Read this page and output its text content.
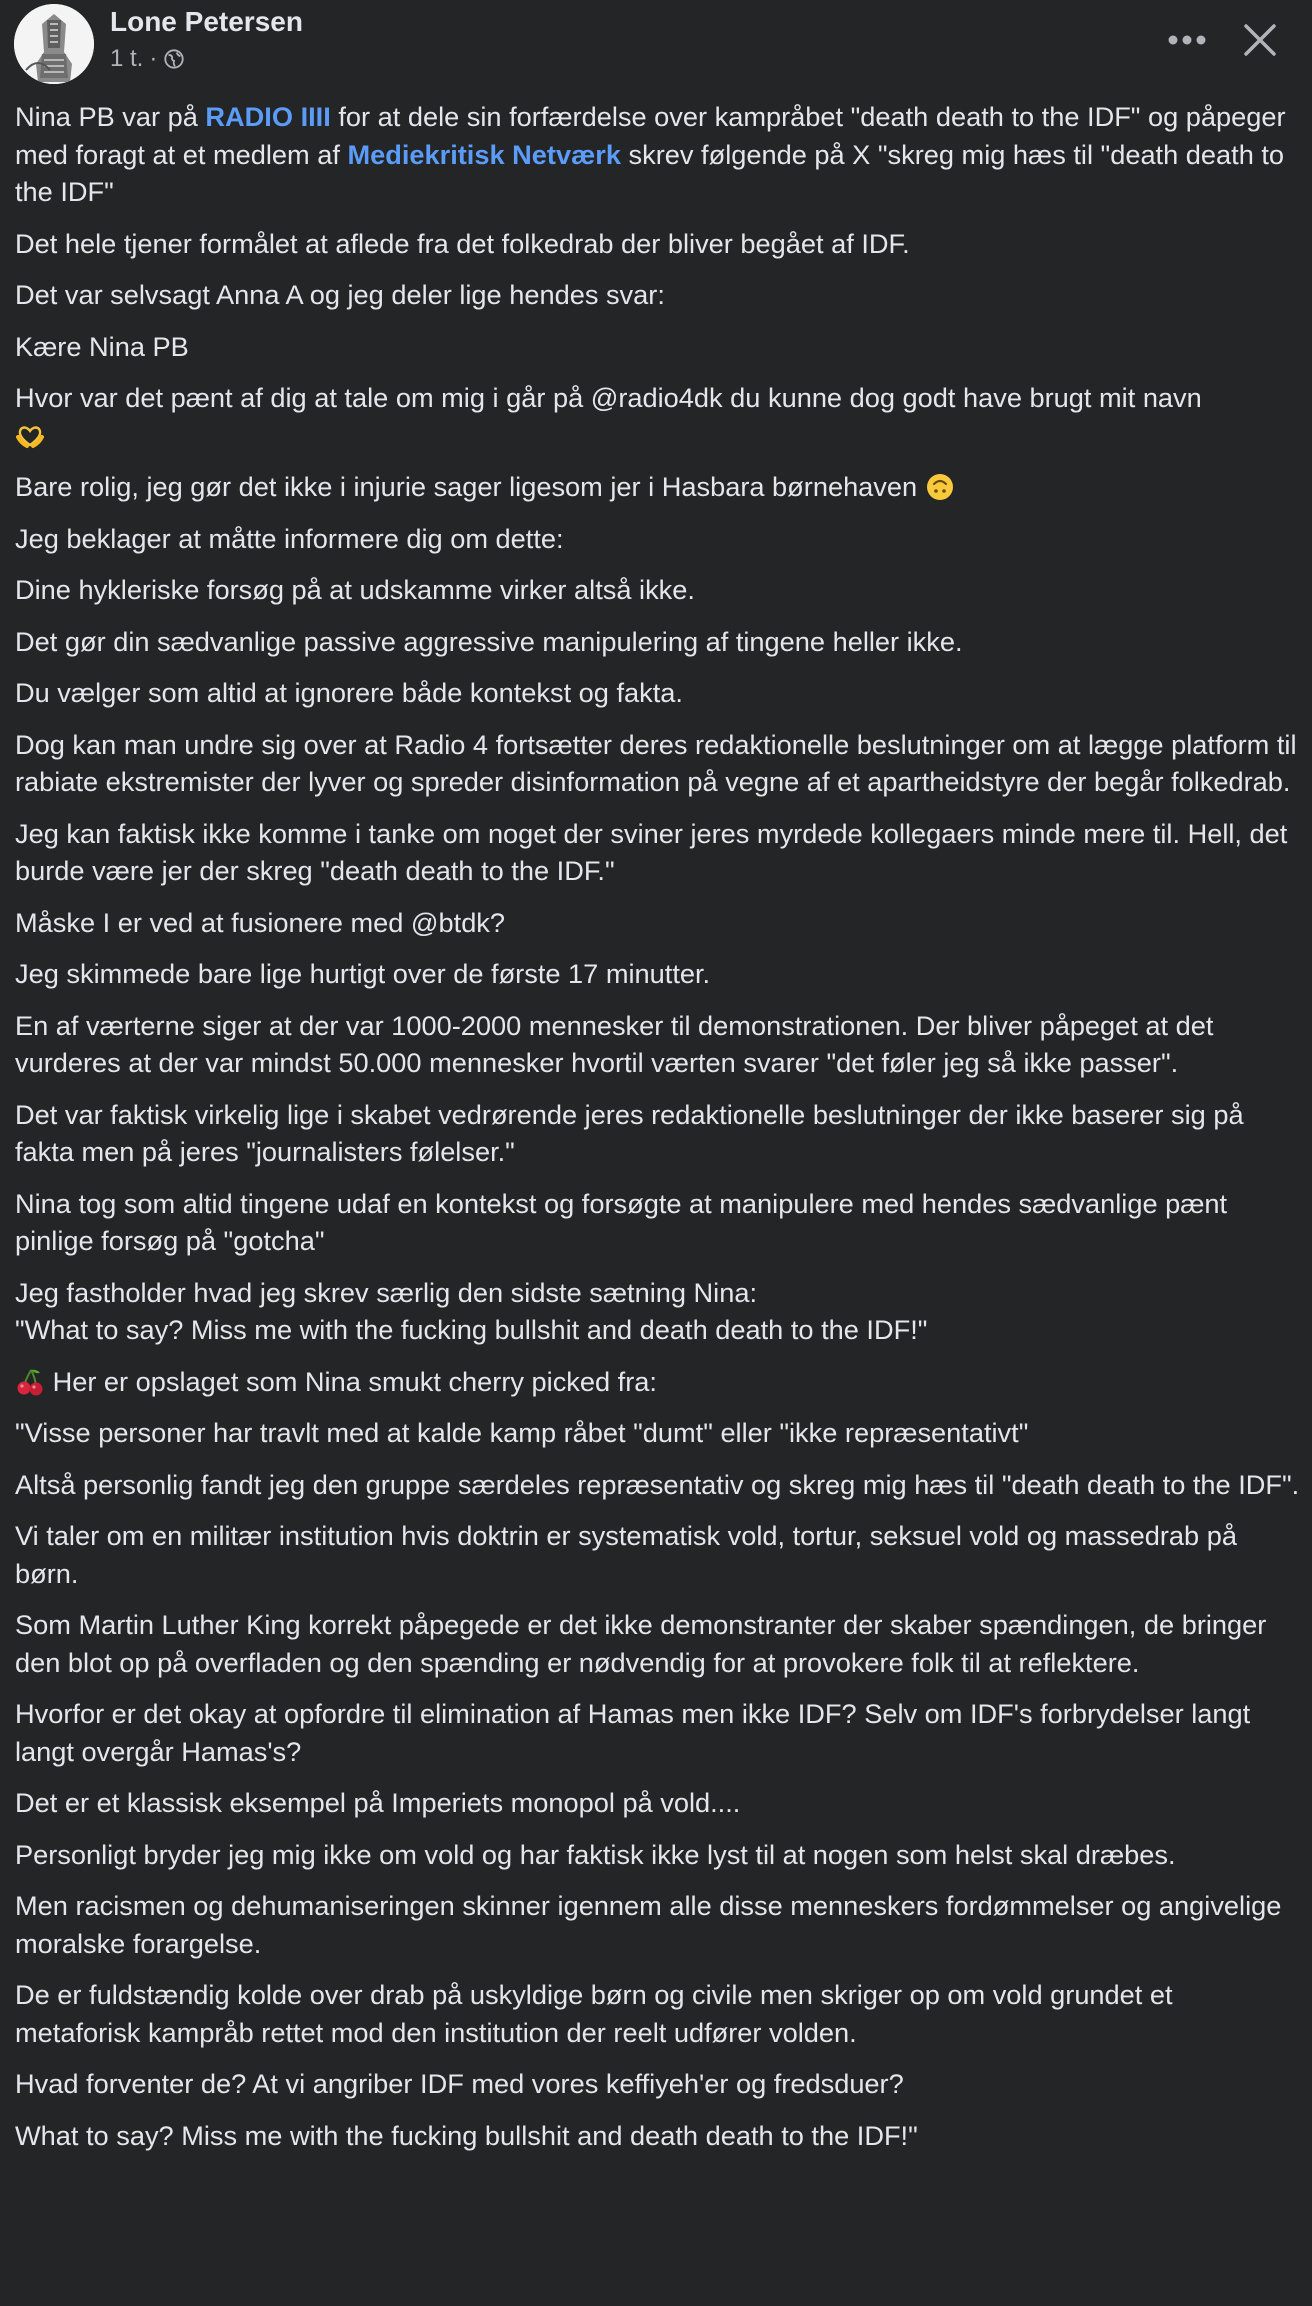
Lone Petersen
1 t. ·

Nina PB var på RADIO IIII for at dele sin forfærdelse over kampråbet "death death to the IDF" og påpeger med foragt at et medlem af Mediekritisk Netværk skrev følgende på X "skreg mig hæs til "death death to the IDF"

Det hele tjener formålet at aflede fra det folkedrab der bliver begået af IDF.

Det var selvsagt Anna A og jeg deler lige hendes svar:

Kære Nina PB

Hvor var det pænt af dig at tale om mig i går på @radio4dk du kunne dog godt have brugt mit navn

Bare rolig, jeg gør det ikke i injurie sager ligesom jer i Hasbara børnehaven

Jeg beklager at måtte informere dig om dette:

Dine hykleriske forsøg på at udskamme virker altså ikke.

Det gør din sædvanlige passive aggressive manipulering af tingene heller ikke.

Du vælger som altid at ignorere både kontekst og fakta.

Dog kan man undre sig over at Radio 4 fortsætter deres redaktionelle beslutninger om at lægge platform til rabiate ekstremister der lyver og spreder disinformation på vegne af et apartheidstyre der begår folkedrab.

Jeg kan faktisk ikke komme i tanke om noget der sviner jeres myrdede kollegaers minde mere til. Hell, det burde være jer der skreg "death death to the IDF."

Måske I er ved at fusionere med @btdk?

Jeg skimmede bare lige hurtigt over de første 17 minutter.

En af værterne siger at der var 1000-2000 mennesker til demonstrationen. Der bliver påpeget at det vurderes at der var mindst 50.000 mennesker hvortil værten svarer "det føler jeg så ikke passer".

Det var faktisk virkelig lige i skabet vedrørende jeres redaktionelle beslutninger der ikke baserer sig på fakta men på jeres "journalisters følelser."

Nina tog som altid tingene udaf en kontekst og forsøgte at manipulere med hendes sædvanlige pænt pinlige forsøg på "gotcha"

Jeg fastholder hvad jeg skrev særlig den sidste sætning Nina:
"What to say? Miss me with the fucking bullshit and death death to the IDF!"

Her er opslaget som Nina smukt cherry picked fra:

"Visse personer har travlt med at kalde kamp råbet "dumt" eller "ikke repræsentativt"

Altså personlig fandt jeg den gruppe særdeles repræsentativ og skreg mig hæs til "death death to the IDF".

Vi taler om en militær institution hvis doktrin er systematisk vold, tortur, seksuel vold og massedrab på børn.

Som Martin Luther King korrekt påpegede er det ikke demonstranter der skaber spændingen, de bringer den blot op på overfladen og den spænding er nødvendig for at provokere folk til at reflektere.

Hvorfor er det okay at opfordre til elimination af Hamas men ikke IDF? Selv om IDF's forbrydelser langt langt overgår Hamas's?

Det er et klassisk eksempel på Imperiets monopol på vold....

Personligt bryder jeg mig ikke om vold og har faktisk ikke lyst til at nogen som helst skal dræbes.

Men racismen og dehumaniseringen skinner igennem alle disse menneskers fordømmelser og angivelige moralske forargelse.

De er fuldstændig kolde over drab på uskyldige børn og civile men skriger op om vold grundet et metaforisk kampråb rettet mod den institution der reelt udfører volden.

Hvad forventer de? At vi angriber IDF med vores keffiyeh'er og fredsduer?

What to say? Miss me with the fucking bullshit and death death to the IDF!"
